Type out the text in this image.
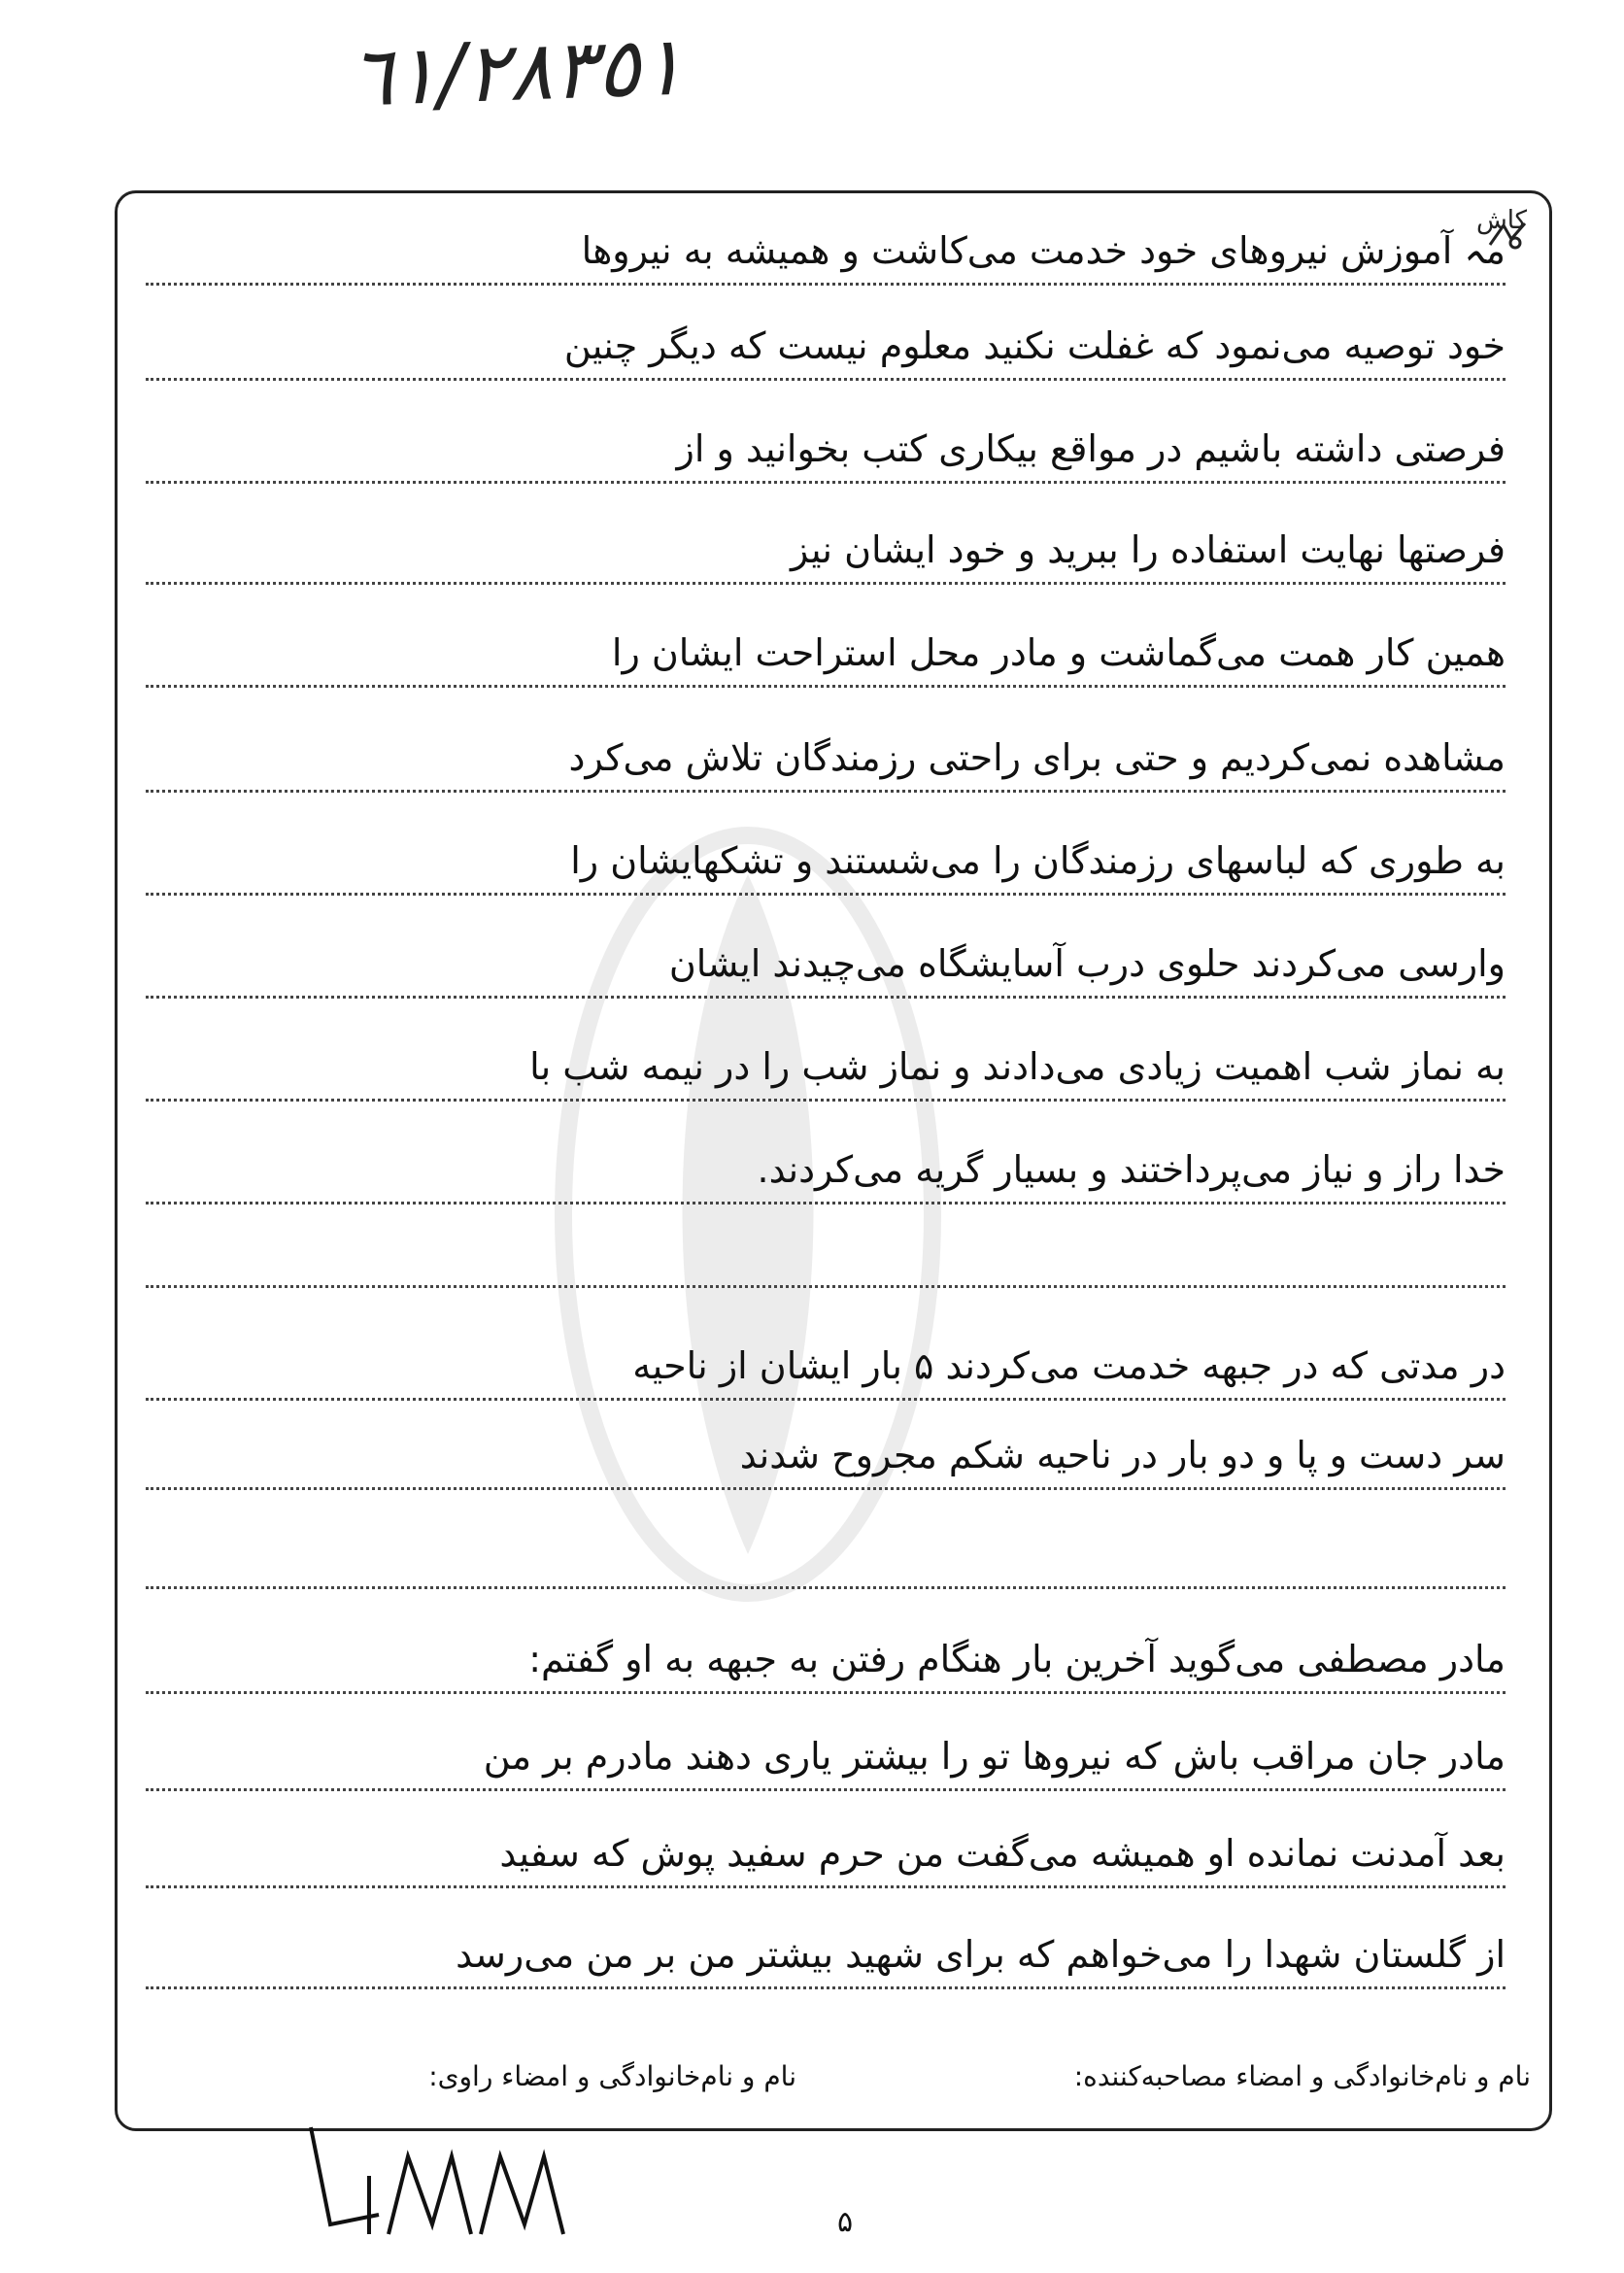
٦١/٢٨٣٥١
مہ آموزش نیروهای خود خدمت می‌کاشت و همیشه به نیروها
خود توصیه می‌نمود که غفلت نکنید معلوم نیست که دیگر چنین
فرصتی داشته باشیم در مواقع بیکاری کتب بخوانید و از
فرصتها نهایت استفاده را ببرید و خود ایشان نیز
همین کار همت می‌گماشت و مادر محل استراحت ایشان را
مشاهده نمی‌کردیم و حتی برای راحتی رزمندگان تلاش می‌کرد
به طوری که لباسهای رزمندگان را می‌شستند و تشکهایشان را
وارسی می‌کردند حلوی درب آسایشگاه می‌چیدند ایشان
به نماز شب اهمیت زیادی می‌دادند و نماز شب را در نیمه شب با
خدا راز و نیاز می‌پرداختند و بسیار گریه می‌کردند.
در مدتی که در جبهه خدمت می‌کردند ۵ بار ایشان از ناحیه
سر دست و پا و دو بار در ناحیه شکم مجروح شدند
مادر مصطفی می‌گوید آخرین بار هنگام رفتن به جبهه به او گفتم:
مادر جان مراقب باش که نیروها تو را بیشتر یاری دهند مادرم بر من
بعد آمدنت نمانده او همیشه می‌گفت من حرم سفید پوش که سفید
از گلستان شهدا را می‌خواهم که برای شهید بیشتر من بر من می‌رسد
کاش
نام و نام‌خانوادگی و امضاء مصاحبه‌کننده:
نام و نام‌خانوادگی و امضاء راوی:
۵
